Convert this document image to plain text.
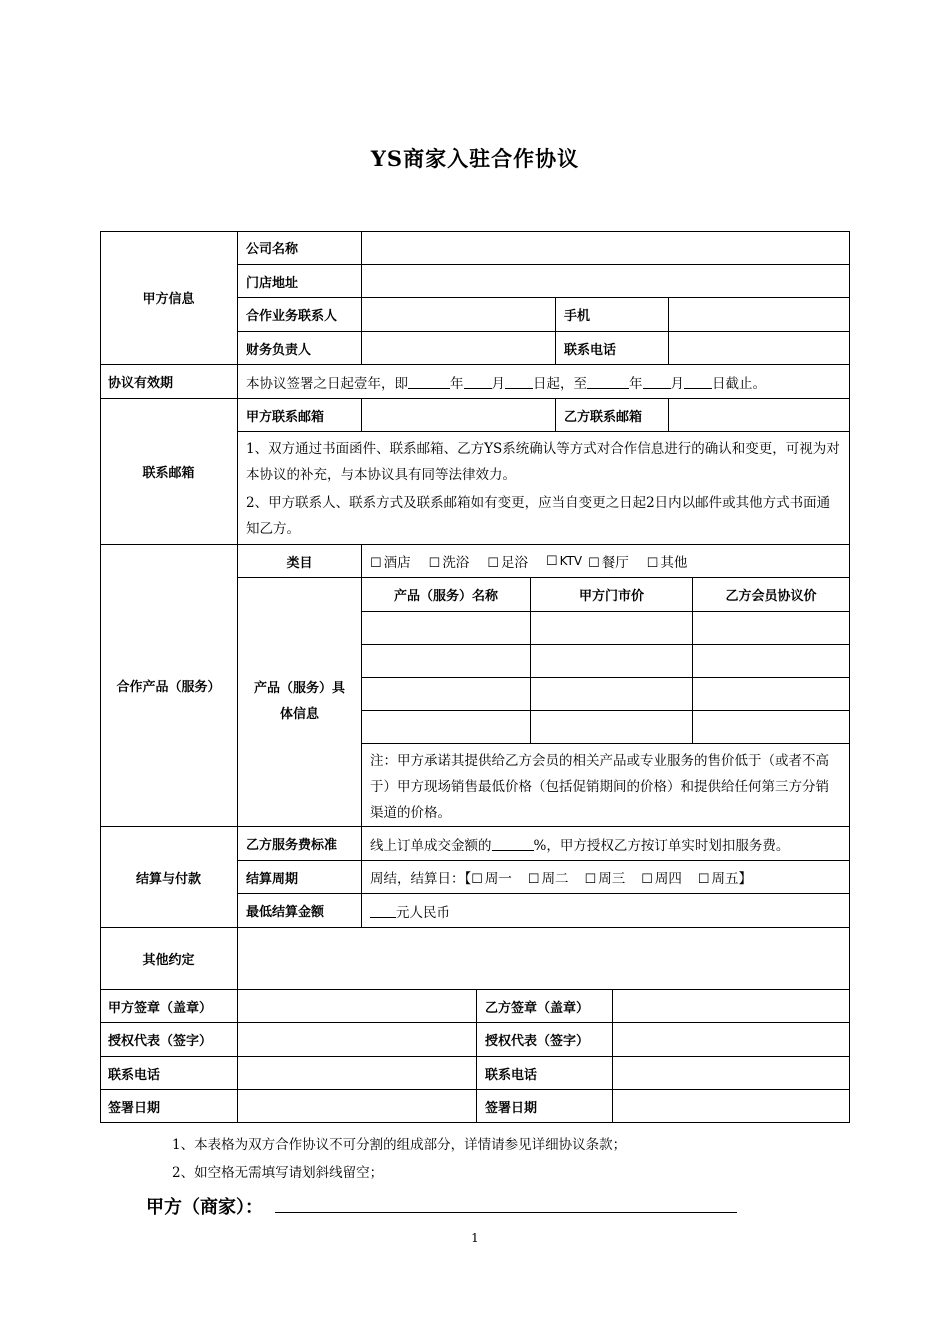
YS商家入驻合作协议
甲方信息
公司名称
门店地址
合作业务联系人	手机
财务负责人	联系电话
协议有效期	本协议签署之日起壹年，即	年 月 日起，至	年 月 日截止。
联系邮箱
甲方联系邮箱	乙方联系邮箱
1、双方通过书面函件、联系邮箱、乙方YS系统确认等方式对合作信息进行的确认和变更，可视为对本协议的补充，与本协议具有同等法律效力。
2、甲方联系人、联系方式及联系邮箱如有变更，应当自变更之日起2日内以邮件或其他方式书面通知乙方。
合作产品（服务）
类目	☐ 酒店 ☐ 洗浴 ☐ 足浴 ☐ KTV ☐ 餐厅 ☐ 其他
产品（服务）具体信息
产品（服务）名称	甲方门市价	乙方会员协议价
注：甲方承诺其提供给乙方会员的相关产品或专业服务的售价低于（或者不高于）甲方现场销售最低价格（包括促销期间的价格）和提供给任何第三方分销渠道的价格。
结算与付款
乙方服务费标准	线上订单成交金额的	%，甲方授权乙方按订单实时划扣服务费。
结算周期	周结，结算日：【 ☐ 周一 ☐ 周二 ☐ 周三 ☐ 周四 ☐ 周五 】
最低结算金额	元人民币
其他约定
甲方签章（盖章）	乙方签章（盖章）
授权代表（签字）	授权代表（签字）
联系电话	联系电话
签署日期	签署日期
1、本表格为双方合作协议不可分割的组成部分，详情请参见详细协议条款；
2、如空格无需填写请划斜线留空；
甲方（商家）：
1
